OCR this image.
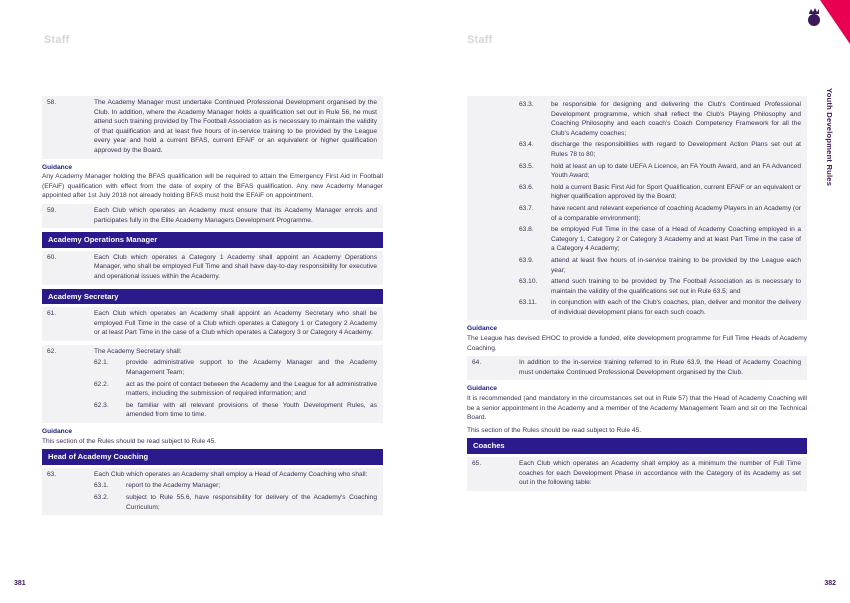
Staff
58.	The Academy Manager must undertake Continued Professional Development organised by the Club. In addition, where the Academy Manager holds a qualification set out in Rule 56, he must attend such training provided by The Football Association as is necessary to maintain the validity of that qualification and at least five hours of in-service training to be provided by the League every year and hold a current BFAS, current EFAiF or an equivalent or higher qualification approved by the Board.
Guidance
Any Academy Manager holding the BFAS qualification will be required to attain the Emergency First Aid in Football (EFAiF) qualification with effect from the date of expiry of the BFAS qualification. Any new Academy Manager appointed after 1st July 2018 not already holding BFAS must hold the EFAiF on appointment.
59.	Each Club which operates an Academy must ensure that its Academy Manager enrols and participates fully in the Elite Academy Managers Development Programme.
Academy Operations Manager
60.	Each Club which operates a Category 1 Academy shall appoint an Academy Operations Manager, who shall be employed Full Time and shall have day-to-day responsibility for executive and operational issues within the Academy.
Academy Secretary
61.	Each Club which operates an Academy shall appoint an Academy Secretary who shall be employed Full Time in the case of a Club which operates a Category 1 or Category 2 Academy or at least Part Time in the case of a Club which operates a Category 3 or Category 4 Academy.
62.	The Academy Secretary shall:
62.1.	provide administrative support to the Academy Manager and the Academy Management Team;
62.2.	act as the point of contact between the Academy and the League for all administrative matters, including the submission of required information; and
62.3.	be familiar with all relevant provisions of these Youth Development Rules, as amended from time to time.
Guidance
This section of the Rules should be read subject to Rule 45.
Head of Academy Coaching
63.	Each Club which operates an Academy shall employ a Head of Academy Coaching who shall:
63.1.	report to the Academy Manager;
63.2.	subject to Rule 55.6, have responsibility for delivery of the Academy's Coaching Curriculum;
381
Staff
63.3.	be responsible for designing and delivering the Club's Continued Professional Development programme, which shall reflect the Club's Playing Philosophy and Coaching Philosophy and each coach's Coach Competency Framework for all the Club's Academy coaches;
63.4.	discharge the responsibilities with regard to Development Action Plans set out at Rules 78 to 80;
63.5.	hold at least an up to date UEFA A Licence, an FA Youth Award, and an FA Advanced Youth Award;
63.6.	hold a current Basic First Aid for Sport Qualification, current EFAiF or an equivalent or higher qualification approved by the Board;
63.7.	have recent and relevant experience of coaching Academy Players in an Academy (or of a comparable environment);
63.8.	be employed Full Time in the case of a Head of Academy Coaching employed in a Category 1, Category 2 or Category 3 Academy and at least Part Time in the case of a Category 4 Academy;
63.9.	attend at least five hours of in-service training to be provided by the League each year;
63.10.	attend such training to be provided by The Football Association as is necessary to maintain the validity of the qualifications set out in Rule 63.5; and
63.11.	in conjunction with each of the Club's coaches, plan, deliver and monitor the delivery of individual development plans for each such coach.
Guidance
The League has devised EHOC to provide a funded, elite development programme for Full Time Heads of Academy Coaching.
64.	In addition to the in-service training referred to in Rule 63.9, the Head of Academy Coaching must undertake Continued Professional Development organised by the Club.
Guidance
It is recommended (and mandatory in the circumstances set out in Rule 57) that the Head of Academy Coaching will be a senior appointment in the Academy and a member of the Academy Management Team and sit on the Technical Board.
This section of the Rules should be read subject to Rule 45.
Coaches
65.	Each Club which operates an Academy shall employ as a minimum the number of Full Time coaches for each Development Phase in accordance with the Category of its Academy as set out in the following table:
Youth Development Rules
382
